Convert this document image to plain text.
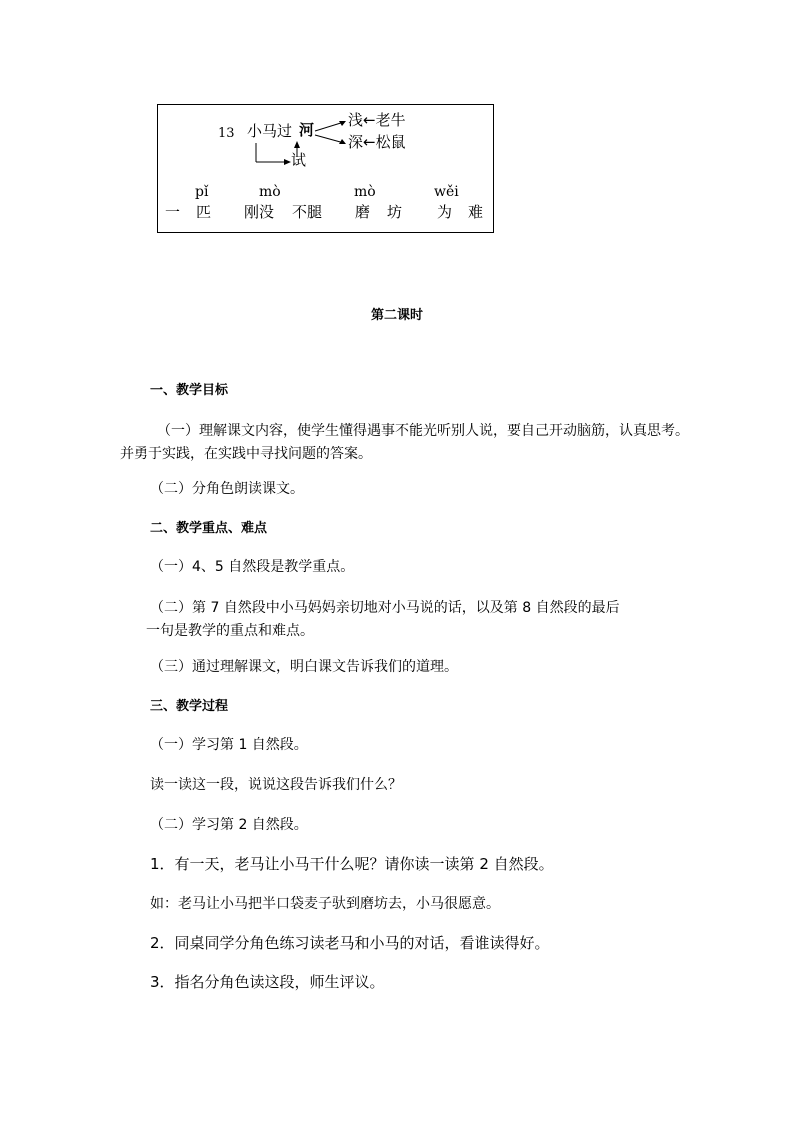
13 小马过 河
浅←老牛
深←松鼠
试
pǐ	mò	mò	wěi
一 匹 刚没 不腿 磨 坊 为 难
第二课时
一、教学目标
（一）理解课文内容，使学生懂得遇事不能光听别人说，要自己开动脑筋，认真思考。
并勇于实践，在实践中寻找问题的答案。
（二）分角色朗读课文。
二、教学重点、难点
（一）4、5 自然段是教学重点。
（二）第 7 自然段中小马妈妈亲切地对小马说的话，以及第 8 自然段的最后
一句是教学的重点和难点。
（三）通过理解课文，明白课文告诉我们的道理。
三、教学过程
（一）学习第 1 自然段。
读一读这一段，说说这段告诉我们什么？
（二）学习第 2 自然段。
1．有一天，老马让小马干什么呢？请你读一读第 2 自然段。
如：老马让小马把半口袋麦子驮到磨坊去，小马很愿意。
2．同桌同学分角色练习读老马和小马的对话，看谁读得好。
3．指名分角色读这段，师生评议。
